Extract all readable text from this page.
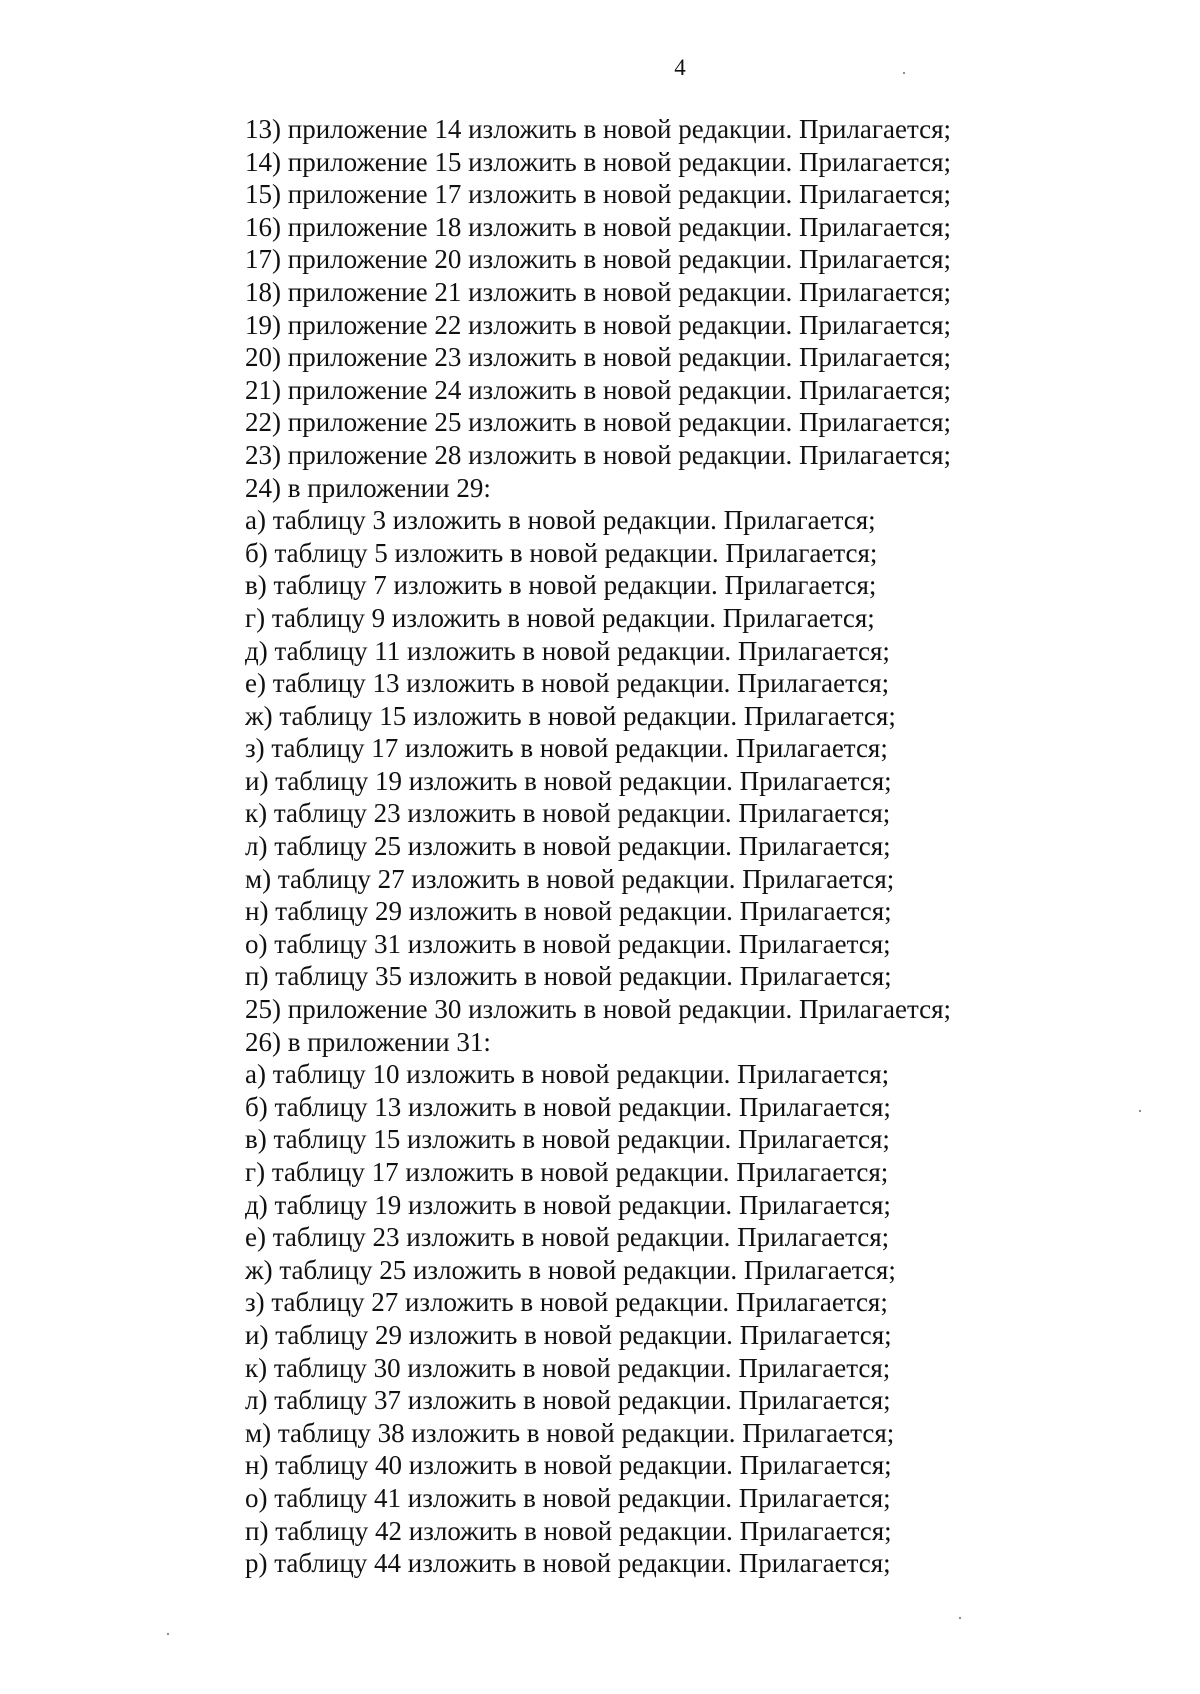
4
13) приложение 14 изложить в новой редакции. Прилагается;
14) приложение 15 изложить в новой редакции. Прилагается;
15) приложение 17 изложить в новой редакции. Прилагается;
16) приложение 18 изложить в новой редакции. Прилагается;
17) приложение 20 изложить в новой редакции. Прилагается;
18) приложение 21 изложить в новой редакции. Прилагается;
19) приложение 22 изложить в новой редакции. Прилагается;
20) приложение 23 изложить в новой редакции. Прилагается;
21) приложение 24 изложить в новой редакции. Прилагается;
22) приложение 25 изложить в новой редакции. Прилагается;
23) приложение 28 изложить в новой редакции. Прилагается;
24) в приложении 29:
а) таблицу 3 изложить в новой редакции. Прилагается;
б) таблицу 5 изложить в новой редакции. Прилагается;
в) таблицу 7 изложить в новой редакции. Прилагается;
г) таблицу 9 изложить в новой редакции. Прилагается;
д) таблицу 11 изложить в новой редакции. Прилагается;
е) таблицу 13 изложить в новой редакции. Прилагается;
ж) таблицу 15 изложить в новой редакции. Прилагается;
з) таблицу 17 изложить в новой редакции. Прилагается;
и) таблицу 19 изложить в новой редакции. Прилагается;
к) таблицу 23 изложить в новой редакции. Прилагается;
л) таблицу 25 изложить в новой редакции. Прилагается;
м) таблицу 27 изложить в новой редакции. Прилагается;
н) таблицу 29 изложить в новой редакции. Прилагается;
о) таблицу 31 изложить в новой редакции. Прилагается;
п) таблицу 35 изложить в новой редакции. Прилагается;
25) приложение 30 изложить в новой редакции. Прилагается;
26) в приложении 31:
а) таблицу 10 изложить в новой редакции. Прилагается;
б) таблицу 13 изложить в новой редакции. Прилагается;
в) таблицу 15 изложить в новой редакции. Прилагается;
г) таблицу 17 изложить в новой редакции. Прилагается;
д) таблицу 19 изложить в новой редакции. Прилагается;
е) таблицу 23 изложить в новой редакции. Прилагается;
ж) таблицу 25 изложить в новой редакции. Прилагается;
з) таблицу 27 изложить в новой редакции. Прилагается;
и) таблицу 29 изложить в новой редакции. Прилагается;
к) таблицу 30 изложить в новой редакции. Прилагается;
л) таблицу 37 изложить в новой редакции. Прилагается;
м) таблицу 38 изложить в новой редакции. Прилагается;
н) таблицу 40 изложить в новой редакции. Прилагается;
о) таблицу 41 изложить в новой редакции. Прилагается;
п) таблицу 42 изложить в новой редакции. Прилагается;
р) таблицу 44 изложить в новой редакции. Прилагается;
